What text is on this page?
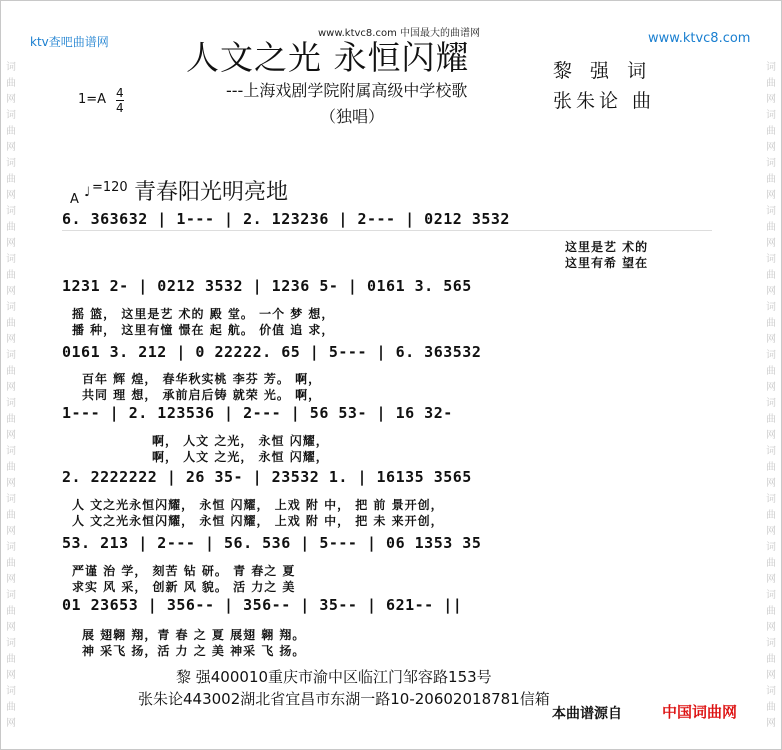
词曲网词曲网词曲网词曲网词曲网词曲网词曲网词曲网词曲网词曲网词曲网词曲网词曲网词曲网
词曲网词曲网词曲网词曲网词曲网词曲网词曲网词曲网词曲网词曲网词曲网词曲网词曲网词曲网
ktv查吧曲谱网
www.ktvc8.com 中国最大的曲谱网	www.ktvc8.com
人文之光 永恒闪耀
---上海戏剧学院附属高级中学校歌
（独唱）
黎 强 词
张朱论 曲
1=A 4
4
A ♩ =120 青春阳光明亮地
6. 363632 | 1--- | 2. 123236 | 2--- | 0212 3532
这里是艺 术的
这里有希 望在
1231 2- | 0212 3532 | 1236 5- | 0161 3. 565
摇 篮， 这里是艺 术的 殿 堂。 一个 梦 想，
播 种， 这里有憧 憬在 起 航。 价值 追 求，
0161 3. 212 | 0 22222. 65 | 5--- | 6. 363532
百年 辉 煌， 春华秋实桃 李芬 芳。 啊，
共同 理 想， 承前启后铸 就荣 光。 啊，
1--- | 2. 123536 | 2--- | 56 53- | 16 32-
啊， 人文 之光， 永恒 闪耀，
啊， 人文 之光， 永恒 闪耀，
2. 2222222 | 26 35- | 23532 1. | 16135 3565
人 文之光永恒闪耀， 永恒 闪耀， 上戏 附 中， 把 前 景开创，
人 文之光永恒闪耀， 永恒 闪耀， 上戏 附 中， 把 未 来开创，
53. 213 | 2--- | 56. 536 | 5--- | 06 1353 35
严谨 治 学， 刻苦 钻 研。 青 春之 夏
求实 风 采， 创新 风 貌。 活 力之 美
01 23653 | 356-- | 356-- | 35-- | 621-- ||
展 翅翱 翔，青 春 之 夏 展翅 翱 翔。
神 采飞 扬，活 力 之 美 神采 飞 扬。
黎 强400010重庆市渝中区临江门邹容路153号
张朱论443002湖北省宜昌市东湖一路10-20602018781信箱
本曲谱源自	中国词曲网
